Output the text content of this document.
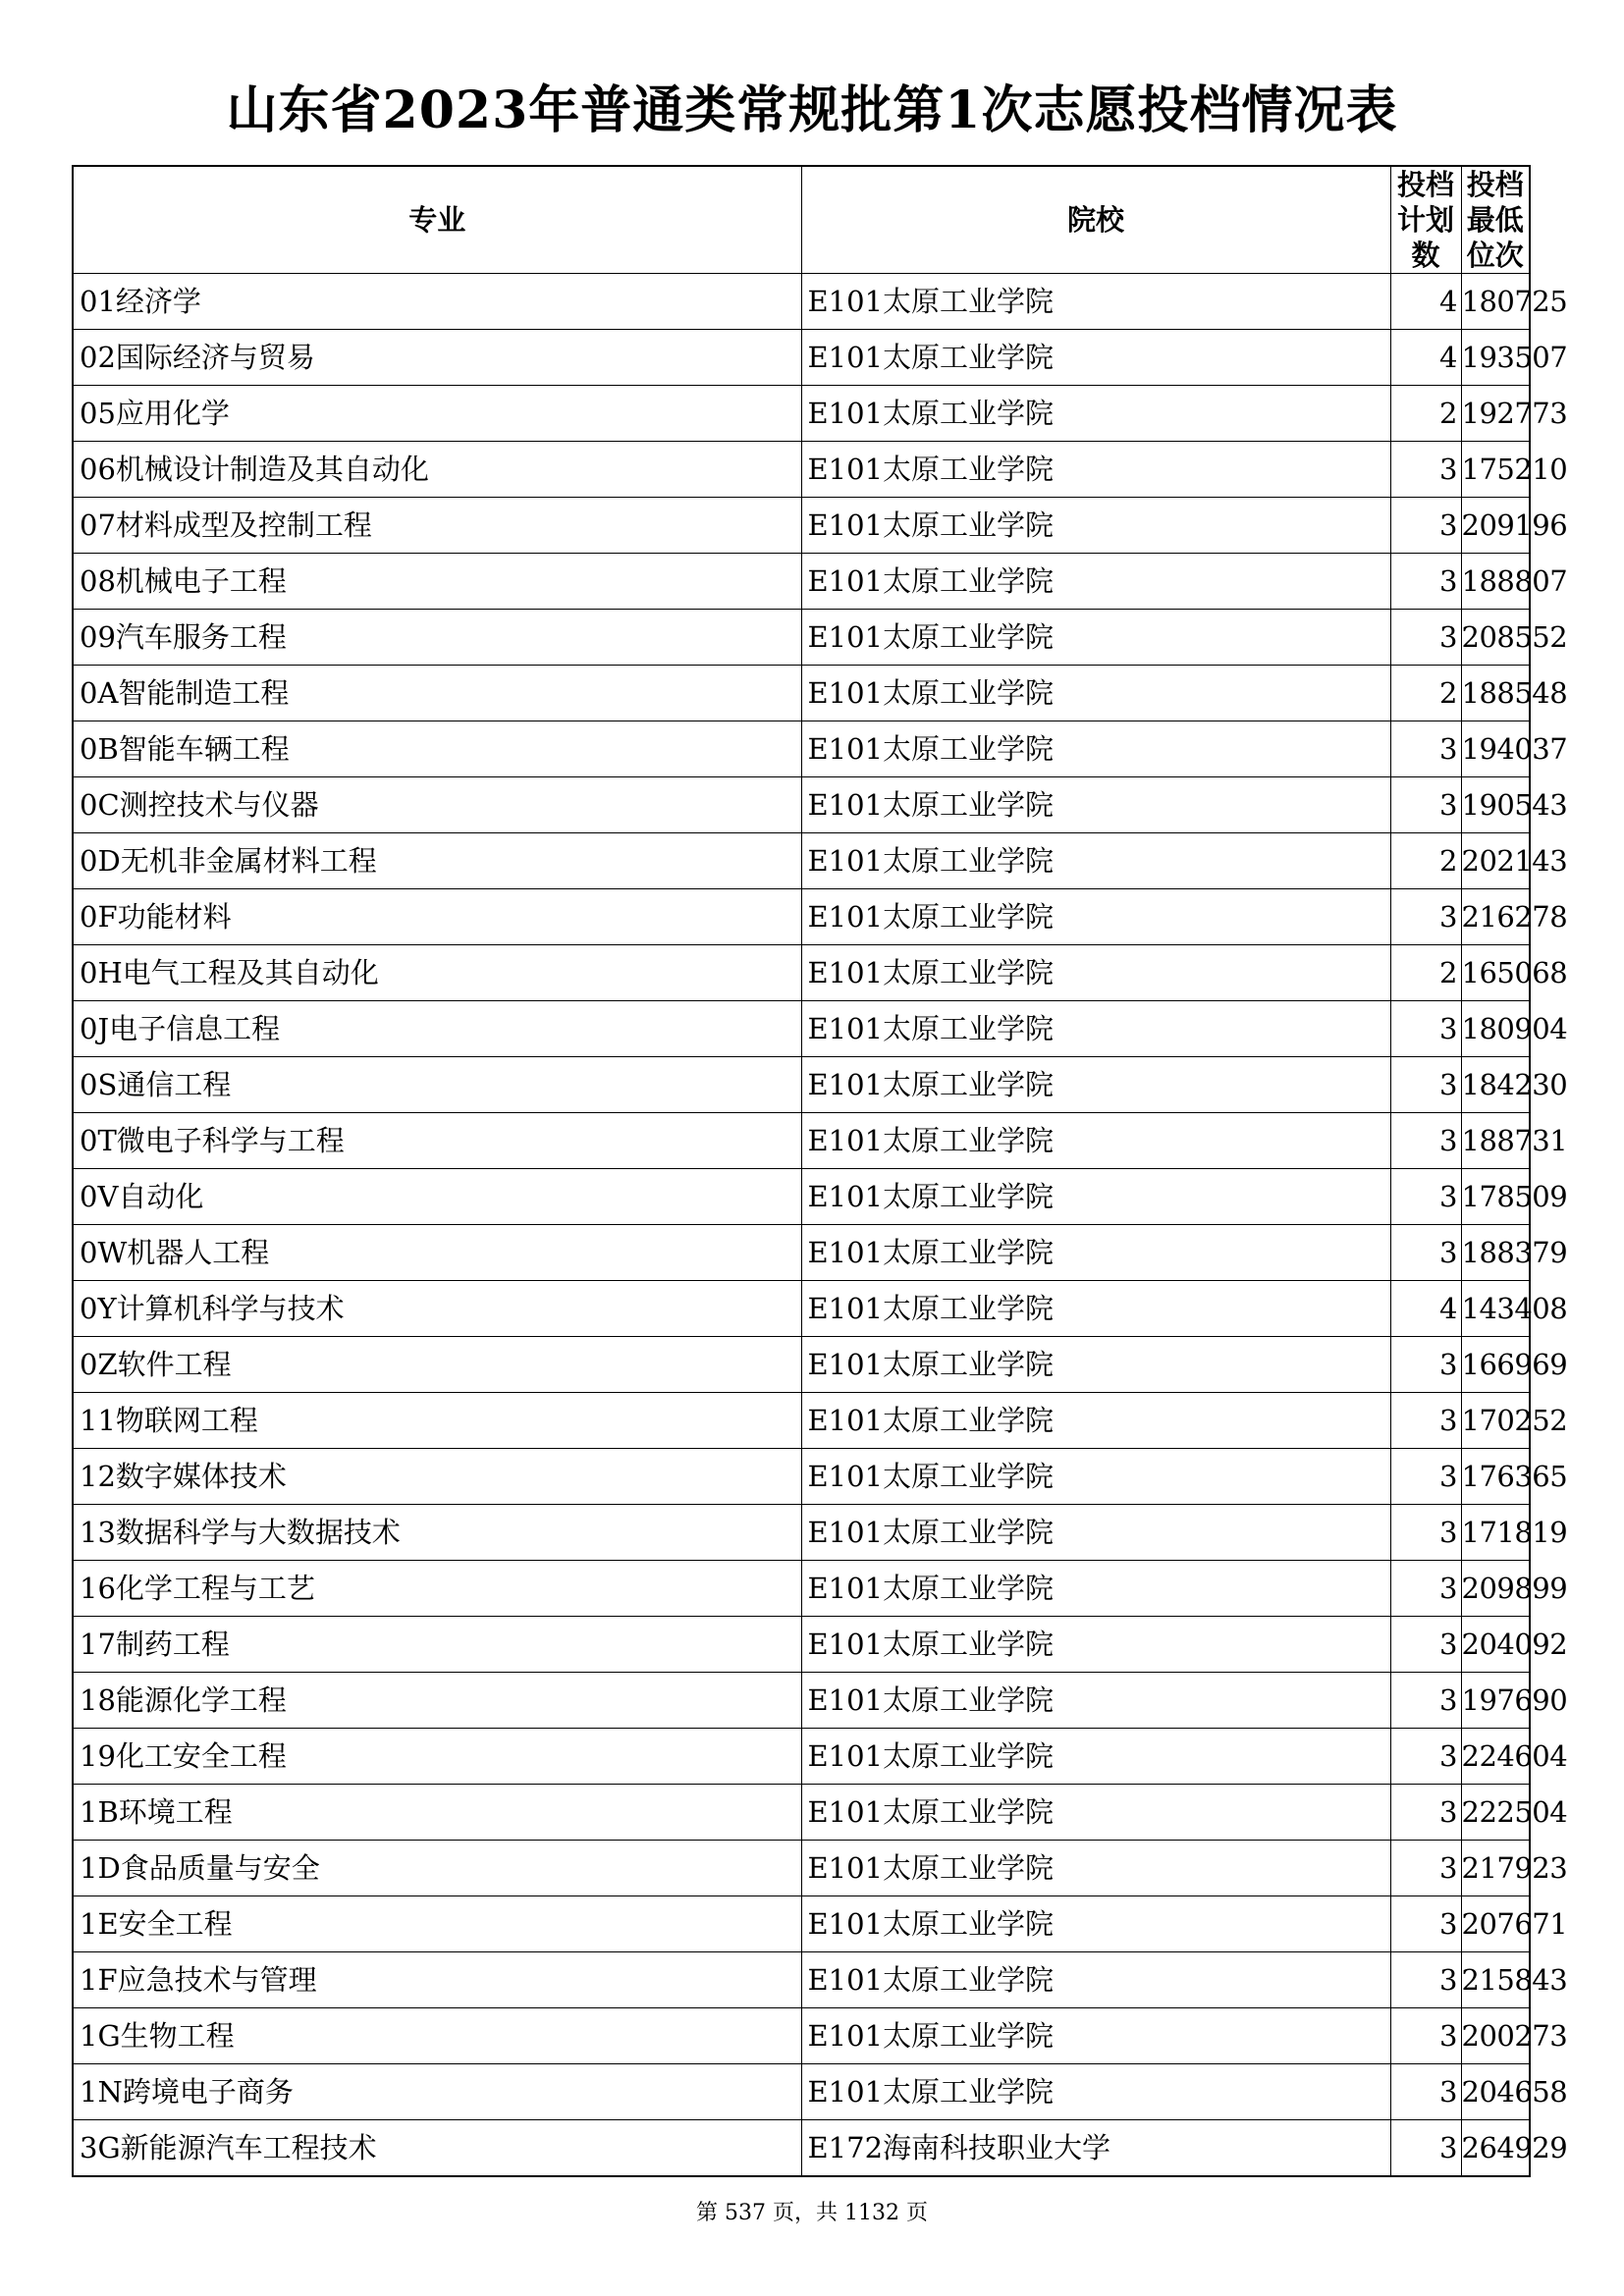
山东省2023年普通类常规批第1次志愿投档情况表
专业	院校	投档计划数	投档最低位次
01经济学	E101太原工业学院	4	180725
02国际经济与贸易	E101太原工业学院	4	193507
05应用化学	E101太原工业学院	2	192773
06机械设计制造及其自动化	E101太原工业学院	3	175210
07材料成型及控制工程	E101太原工业学院	3	209196
08机械电子工程	E101太原工业学院	3	188807
09汽车服务工程	E101太原工业学院	3	208552
0A智能制造工程	E101太原工业学院	2	188548
0B智能车辆工程	E101太原工业学院	3	194037
0C测控技术与仪器	E101太原工业学院	3	190543
0D无机非金属材料工程	E101太原工业学院	2	202143
0F功能材料	E101太原工业学院	3	216278
0H电气工程及其自动化	E101太原工业学院	2	165068
0J电子信息工程	E101太原工业学院	3	180904
0S通信工程	E101太原工业学院	3	184230
0T微电子科学与工程	E101太原工业学院	3	188731
0V自动化	E101太原工业学院	3	178509
0W机器人工程	E101太原工业学院	3	188379
0Y计算机科学与技术	E101太原工业学院	4	143408
0Z软件工程	E101太原工业学院	3	166969
11物联网工程	E101太原工业学院	3	170252
12数字媒体技术	E101太原工业学院	3	176365
13数据科学与大数据技术	E101太原工业学院	3	171819
16化学工程与工艺	E101太原工业学院	3	209899
17制药工程	E101太原工业学院	3	204092
18能源化学工程	E101太原工业学院	3	197690
19化工安全工程	E101太原工业学院	3	224604
1B环境工程	E101太原工业学院	3	222504
1D食品质量与安全	E101太原工业学院	3	217923
1E安全工程	E101太原工业学院	3	207671
1F应急技术与管理	E101太原工业学院	3	215843
1G生物工程	E101太原工业学院	3	200273
1N跨境电子商务	E101太原工业学院	3	204658
3G新能源汽车工程技术	E172海南科技职业大学	3	264929
第 537 页，共 1132 页
